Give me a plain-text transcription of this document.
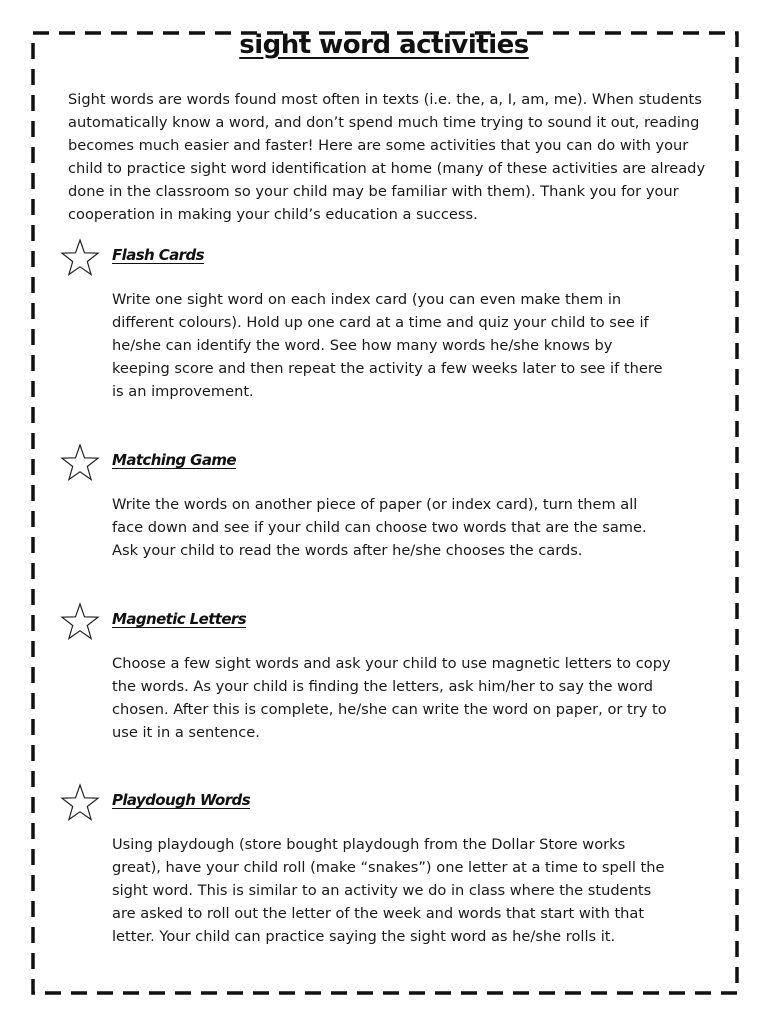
sight word activities
Sight words are words found most often in texts (i.e. the, a, I, am, me). When students automatically know a word, and don’t spend much time trying to sound it out, reading becomes much easier and faster! Here are some activities that you can do with your child to practice sight word identification at home (many of these activities are already done in the classroom so your child may be familiar with them). Thank you for your cooperation in making your child’s education a success.
Flash Cards
Write one sight word on each index card (you can even make them in different colours). Hold up one card at a time and quiz your child to see if he/she can identify the word. See how many words he/she knows by keeping score and then repeat the activity a few weeks later to see if there is an improvement.
Matching Game
Write the words on another piece of paper (or index card), turn them all face down and see if your child can choose two words that are the same. Ask your child to read the words after he/she chooses the cards.
Magnetic Letters
Choose a few sight words and ask your child to use magnetic letters to copy the words. As your child is finding the letters, ask him/her to say the word chosen. After this is complete, he/she can write the word on paper, or try to use it in a sentence.
Playdough Words
Using playdough (store bought playdough from the Dollar Store works great), have your child roll (make “snakes”) one letter at a time to spell the sight word. This is similar to an activity we do in class where the students are asked to roll out the letter of the week and words that start with that letter. Your child can practice saying the sight word as he/she rolls it.
